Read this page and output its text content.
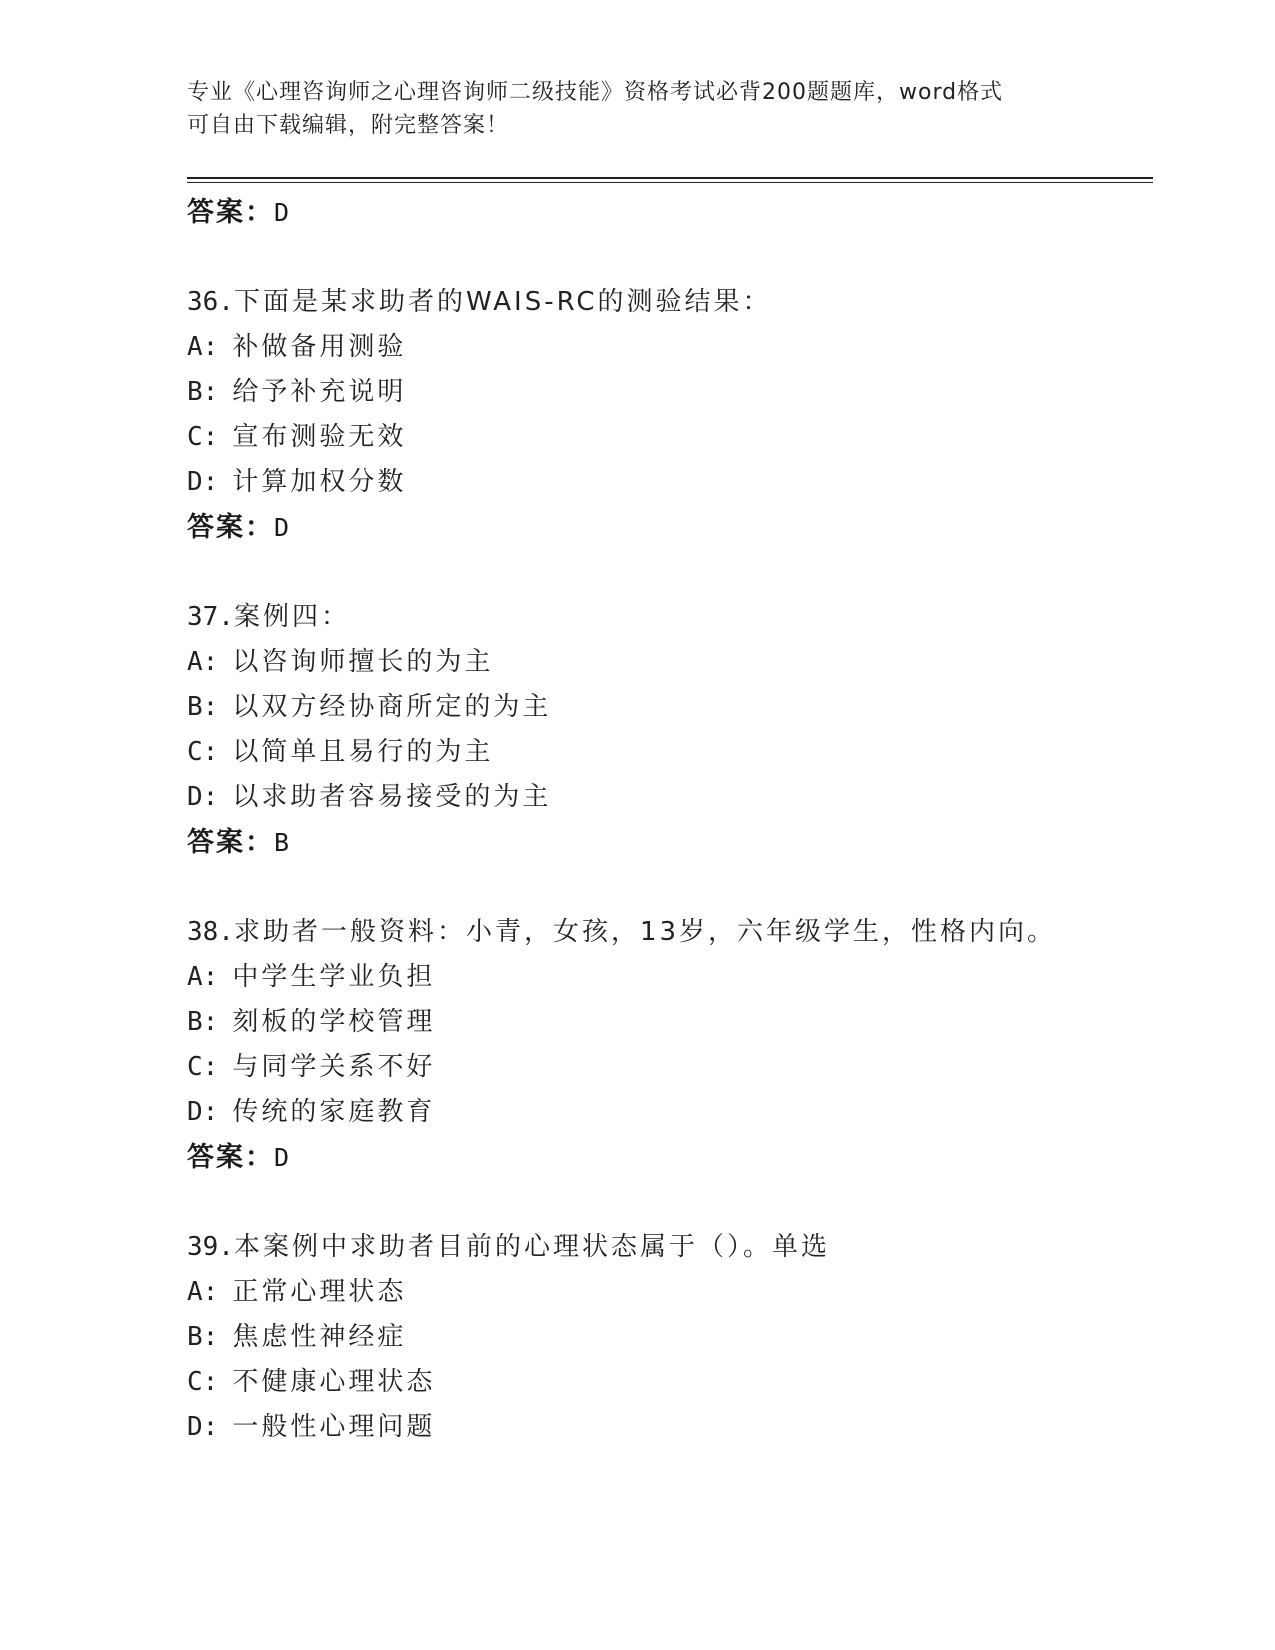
专业《心理咨询师之心理咨询师二级技能》资格考试必背200题题库，word格式
可自由下载编辑，附完整答案！
答案：D
36.下面是某求助者的WAIS-RC的测验结果：
A: 补做备用测验
B: 给予补充说明
C: 宣布测验无效
D: 计算加权分数
答案：D
37.案例四：
A: 以咨询师擅长的为主
B: 以双方经协商所定的为主
C: 以简单且易行的为主
D: 以求助者容易接受的为主
答案：B
38.求助者一般资料：小青，女孩，13岁，六年级学生，性格内向。
A: 中学生学业负担
B: 刻板的学校管理
C: 与同学关系不好
D: 传统的家庭教育
答案：D
39.本案例中求助者目前的心理状态属于（）。单选
A: 正常心理状态
B: 焦虑性神经症
C: 不健康心理状态
D: 一般性心理问题
